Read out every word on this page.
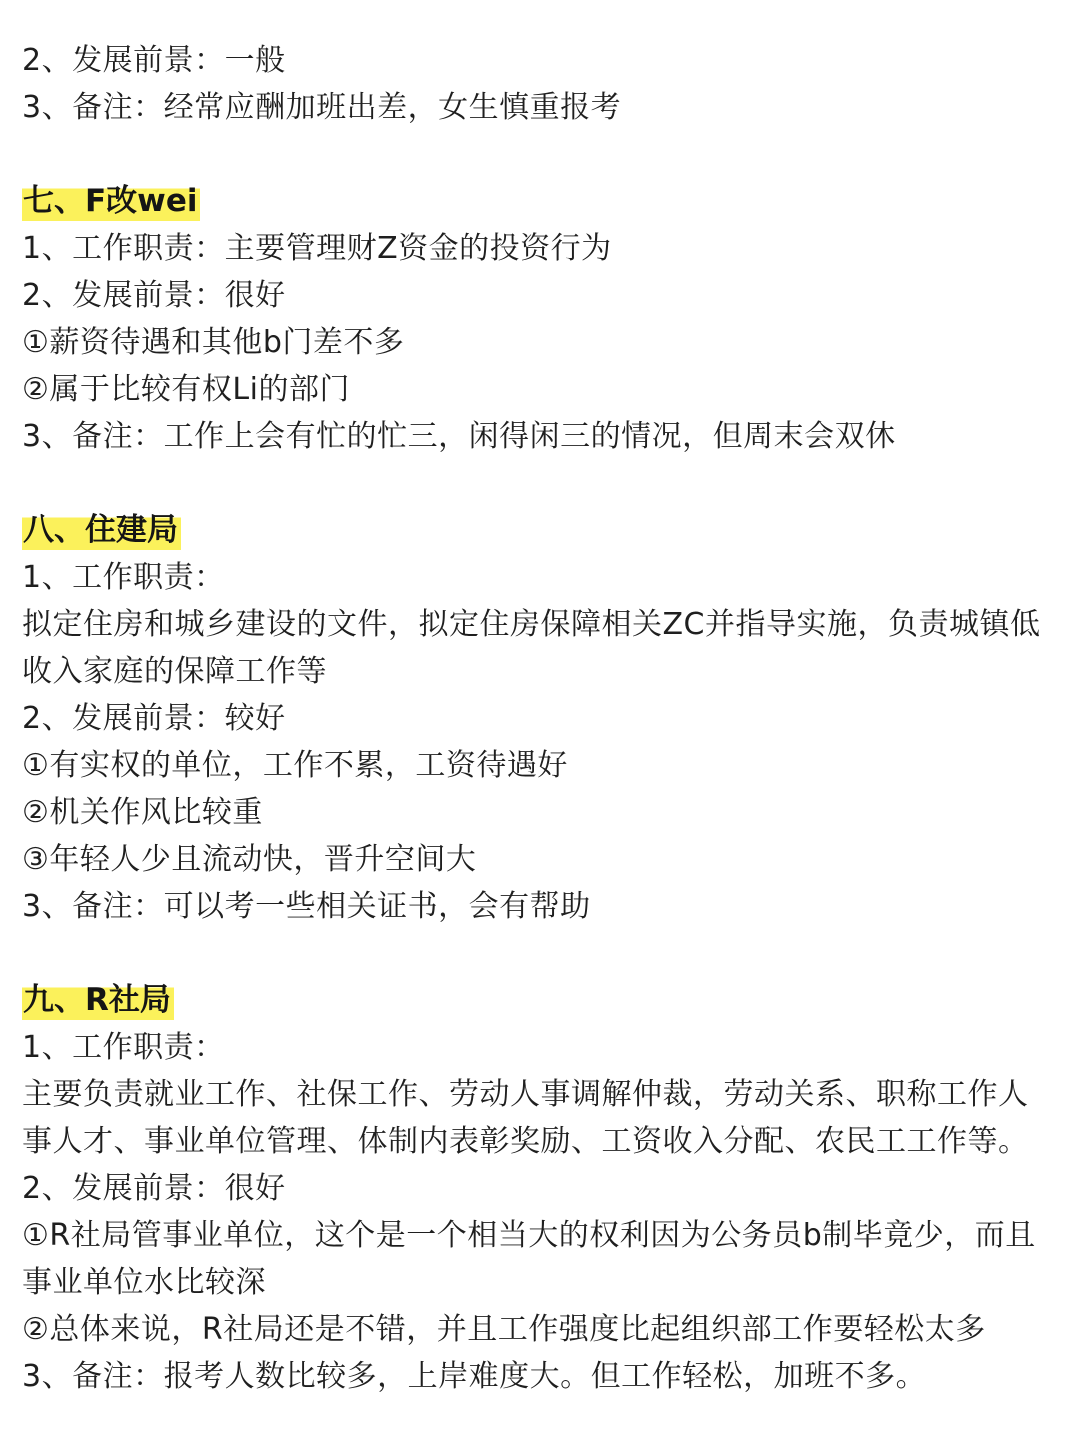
2、发展前景：一般
3、备注：经常应酬加班出差，女生慎重报考
七、F改wei
1、工作职责：主要管理财Z资金的投资行为
2、发展前景：很好
①薪资待遇和其他b门差不多
②属于比较有权Li的部门
3、备注：工作上会有忙的忙三，闲得闲三的情况，但周末会双休
八、住建局
1、工作职责：
拟定住房和城乡建设的文件，拟定住房保障相关ZC并指导实施，负责城镇低收入家庭的保障工作等
2、发展前景：较好
①有实权的单位，工作不累，工资待遇好
②机关作风比较重
③年轻人少且流动快，晋升空间大
3、备注：可以考一些相关证书，会有帮助
九、R社局
1、工作职责：
主要负责就业工作、社保工作、劳动人事调解仲裁，劳动关系、职称工作人事人才、事业单位管理、体制内表彰奖励、工资收入分配、农民工工作等。
2、发展前景：很好
①R社局管事业单位，这个是一个相当大的权利因为公务员b制毕竟少，而且事业单位水比较深
②总体来说，R社局还是不错，并且工作强度比起组织部工作要轻松太多
3、备注：报考人数比较多，上岸难度大。但工作轻松，加班不多。
